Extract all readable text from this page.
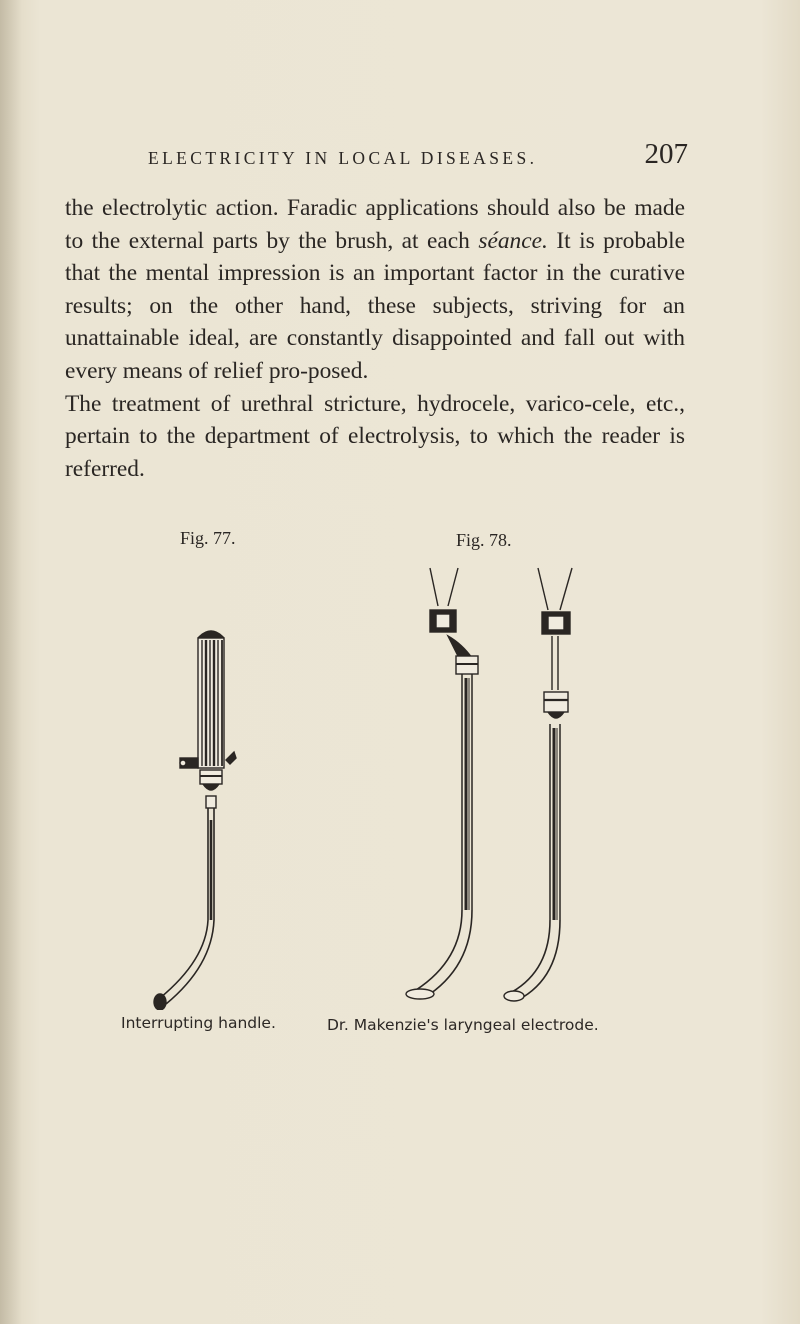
ELECTRICITY IN LOCAL DISEASES.	207

the electrolytic action. Faradic applications should also be made to the external parts by the brush, at each séance. It is probable that the mental impression is an important factor in the curative results; on the other hand, these subjects, striving for an unattainable ideal, are constantly disappointed and fall out with every means of relief pro-posed.

The treatment of urethral stricture, hydrocele, varico-cele, etc., pertain to the department of electrolysis, to which the reader is referred.

Fig. 77.	Fig. 78.
Interrupting handle.	Dr. Makenzie's laryngeal electrode.
